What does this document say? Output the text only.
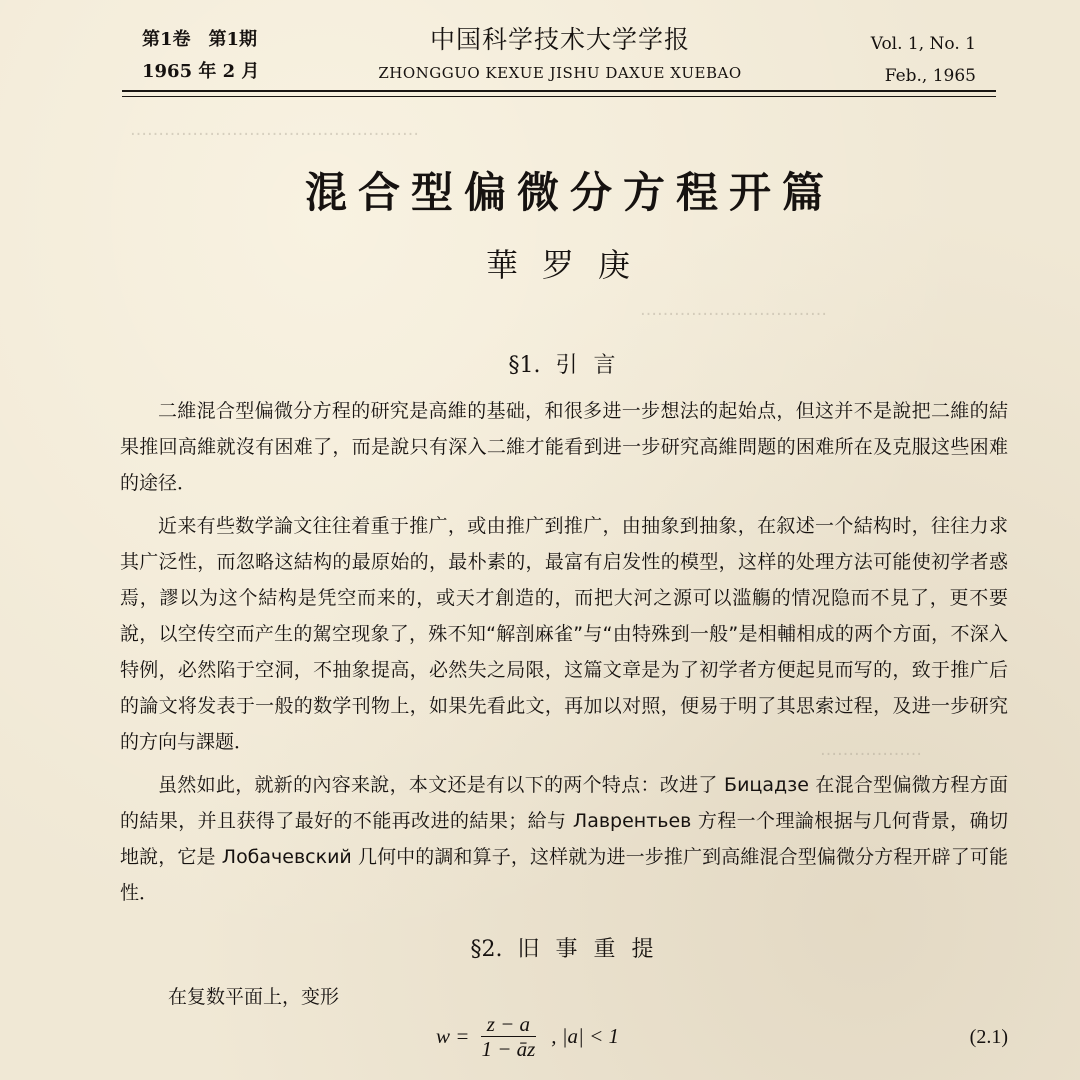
……………………………………………
……………………………
………………
第1卷　第1期
1965 年 2 月
中国科学技术大学学报
ZHONGGUO KEXUE JISHU DAXUE XUEBAO
Vol. 1, No. 1
Feb., 1965
混合型偏微分方程开篇
華罗庚
§1. 引言

二維混合型偏微分方程的研究是高維的基础，和很多进一步想法的起始点，但这并不是說把二維的結果推回高維就沒有困难了，而是說只有深入二維才能看到进一步研究高維問题的困难所在及克服这些困难的途径．

近来有些数学論文往往着重于推广，或由推广到推广，由抽象到抽象，在叙述一个結构时，往往力求其广泛性，而忽略这結构的最原始的，最朴素的，最富有启发性的模型，这样的处理方法可能使初学者惑焉，謬以为这个結构是凭空而来的，或天才創造的，而把大河之源可以滥觴的情况隐而不見了，更不要說，以空传空而产生的駕空现象了，殊不知“解剖麻雀”与“由特殊到一般”是相輔相成的两个方面，不深入特例，必然陷于空洞，不抽象提高，必然失之局限，这篇文章是为了初学者方便起見而写的，致于推广后的論文将发表于一般的数学刊物上，如果先看此文，再加以对照，便易于明了其思索过程，及进一步研究的方向与課题．

虽然如此，就新的內容来說，本文还是有以下的两个特点：改进了 Бицадзе 在混合型偏微方程方面的結果，并且获得了最好的不能再改进的結果；給与 Лаврентьев 方程一个理論根据与几何背景，确切地說，它是 Лобачевский 几何中的調和算子，这样就为进一步推广到高維混合型偏微分方程开辟了可能性．

§2. 旧事重提
在复数平面上，变形
$w = \frac{z - a}{1 - āz}$ , |a| < 1	(2.1)
